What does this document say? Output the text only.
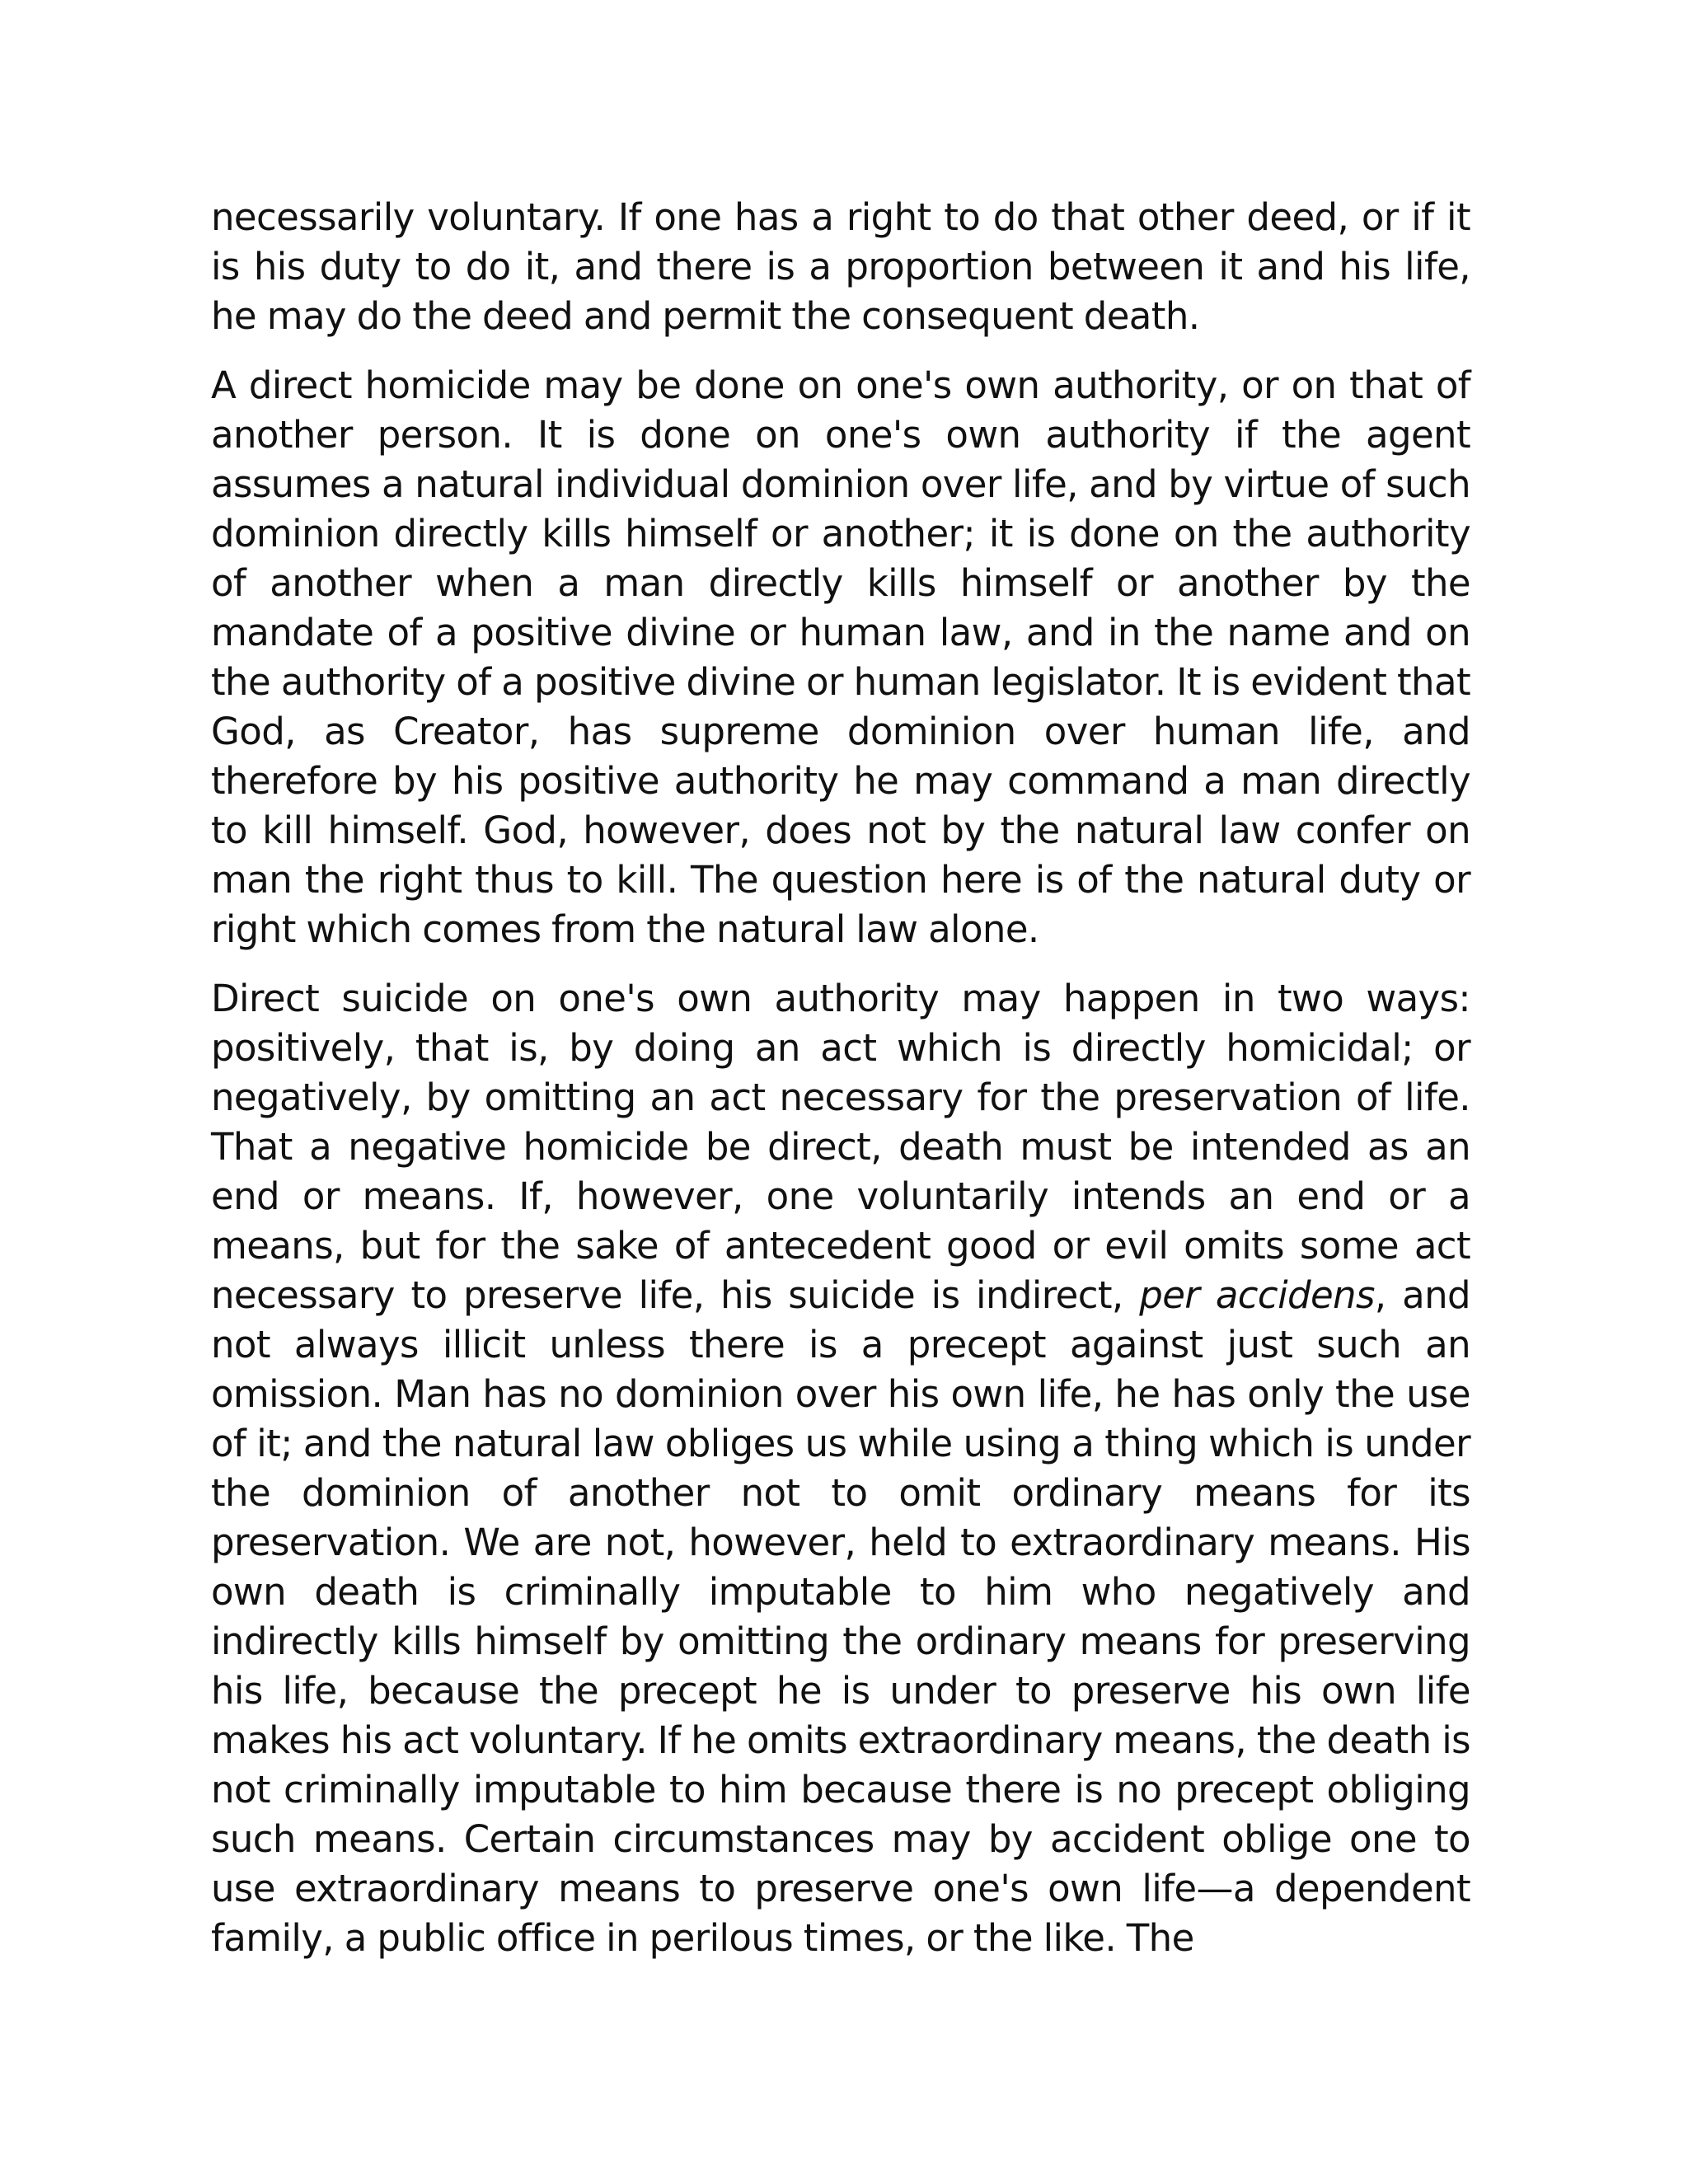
necessarily voluntary. If one has a right to do that other deed, or if it is his duty to do it, and there is a proportion between it and his life, he may do the deed and permit the consequent death.

A direct homicide may be done on one's own authority, or on that of another person. It is done on one's own authority if the agent assumes a natural individual dominion over life, and by virtue of such dominion directly kills himself or another; it is done on the authority of another when a man directly kills himself or another by the mandate of a positive divine or human law, and in the name and on the authority of a positive divine or human legislator. It is evident that God, as Creator, has supreme dominion over human life, and therefore by his positive authority he may command a man directly to kill himself. God, however, does not by the natural law confer on man the right thus to kill. The question here is of the natural duty or right which comes from the natural law alone.

Direct suicide on one's own authority may happen in two ways: positively, that is, by doing an act which is directly homicidal; or negatively, by omitting an act necessary for the preservation of life. That a negative homicide be direct, death must be intended as an end or means. If, however, one voluntarily intends an end or a means, but for the sake of antecedent good or evil omits some act necessary to preserve life, his suicide is indirect, per accidens, and not always illicit unless there is a precept against just such an omission. Man has no dominion over his own life, he has only the use of it; and the natural law obliges us while using a thing which is under the dominion of another not to omit ordinary means for its preservation. We are not, however, held to extraordinary means. His own death is criminally imputable to him who negatively and indirectly kills himself by omitting the ordinary means for preserving his life, because the precept he is under to preserve his own life makes his act voluntary. If he omits extraordinary means, the death is not criminally imputable to him because there is no precept obliging such means. Certain circumstances may by accident oblige one to use extraordinary means to preserve one's own life—a dependent family, a public office in perilous times, or the like. The
